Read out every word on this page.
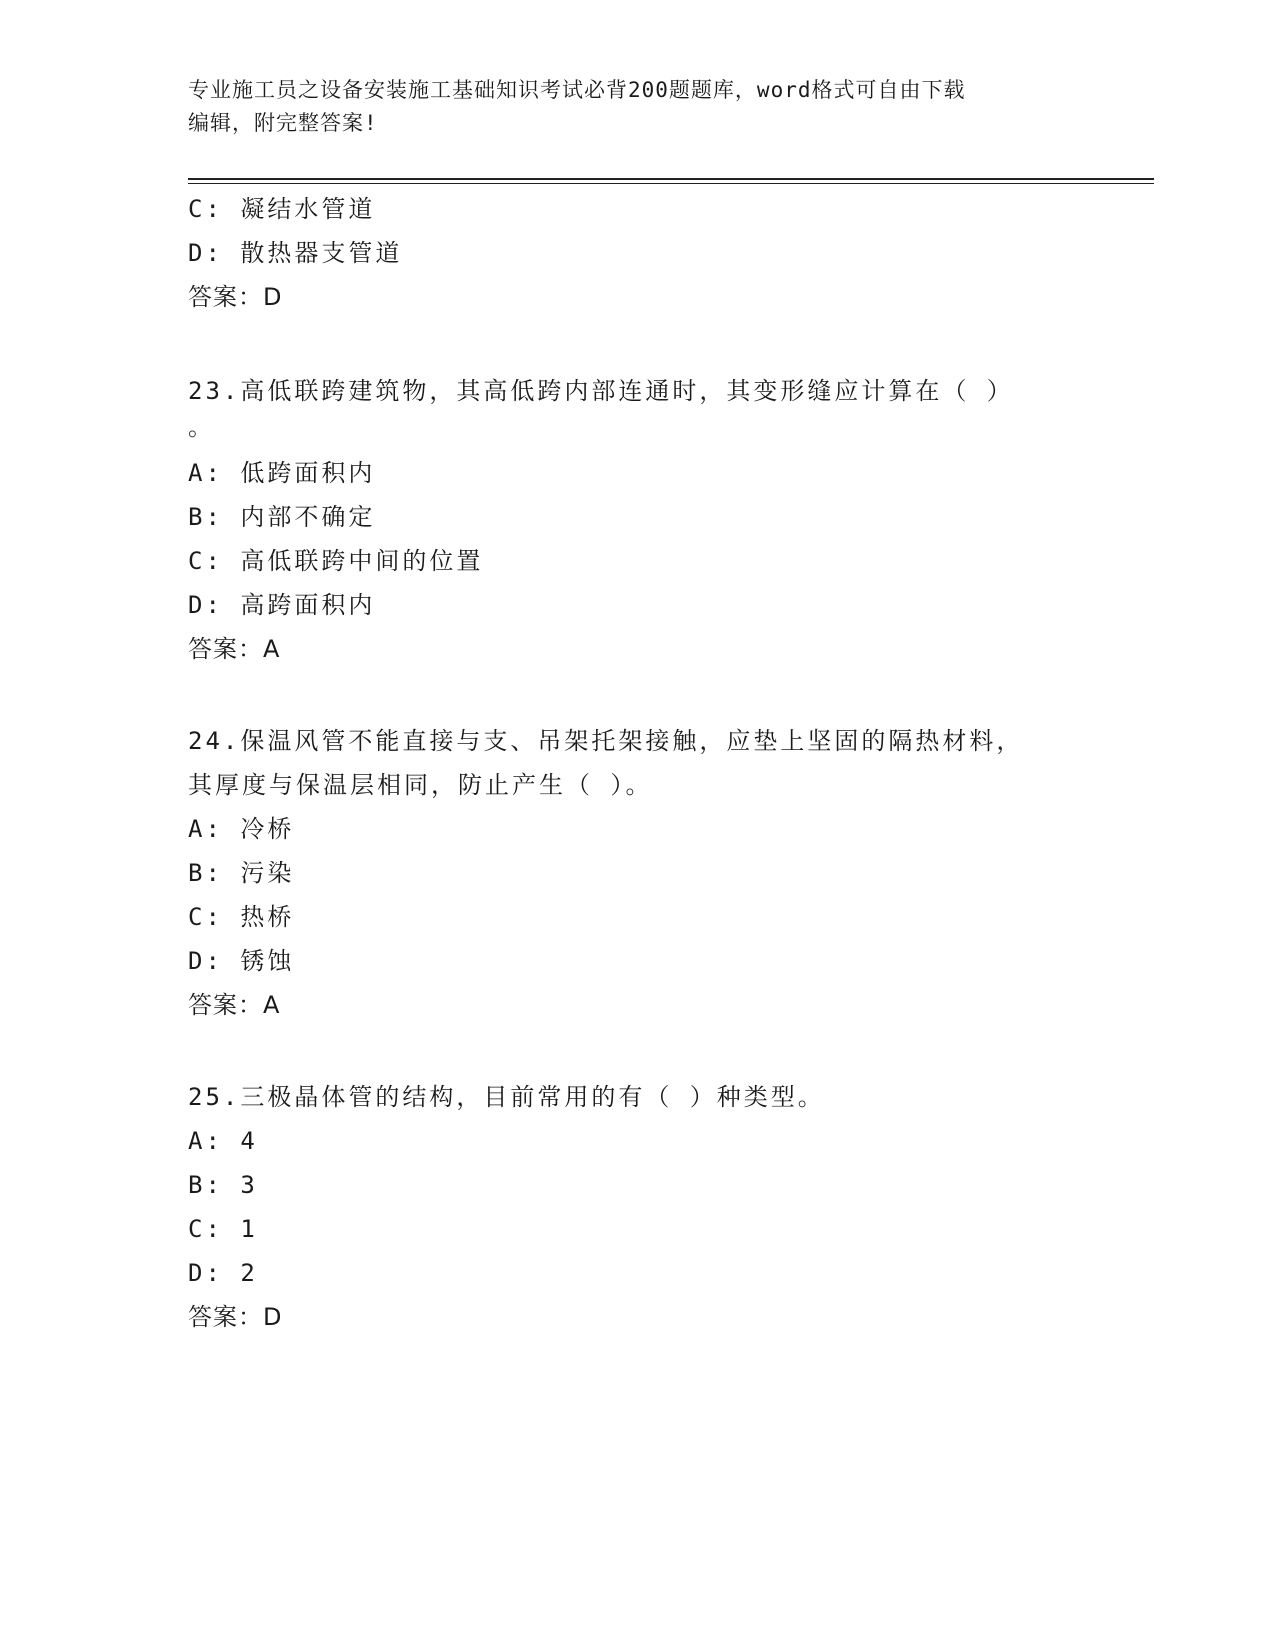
专业施工员之设备安装施工基础知识考试必背200题题库，word格式可自由下载
编辑，附完整答案!
C: 凝结水管道
D: 散热器支管道
答案：D
23.高低联跨建筑物，其高低跨内部连通时，其变形缝应计算在（ ）
。
A: 低跨面积内
B: 内部不确定
C: 高低联跨中间的位置
D: 高跨面积内
答案：A
24.保温风管不能直接与支、吊架托架接触，应垫上坚固的隔热材料，
其厚度与保温层相同，防止产生（ ）。
A: 冷桥
B: 污染
C: 热桥
D: 锈蚀
答案：A
25.三极晶体管的结构，目前常用的有（ ）种类型。
A: 4
B: 3
C: 1
D: 2
答案：D
